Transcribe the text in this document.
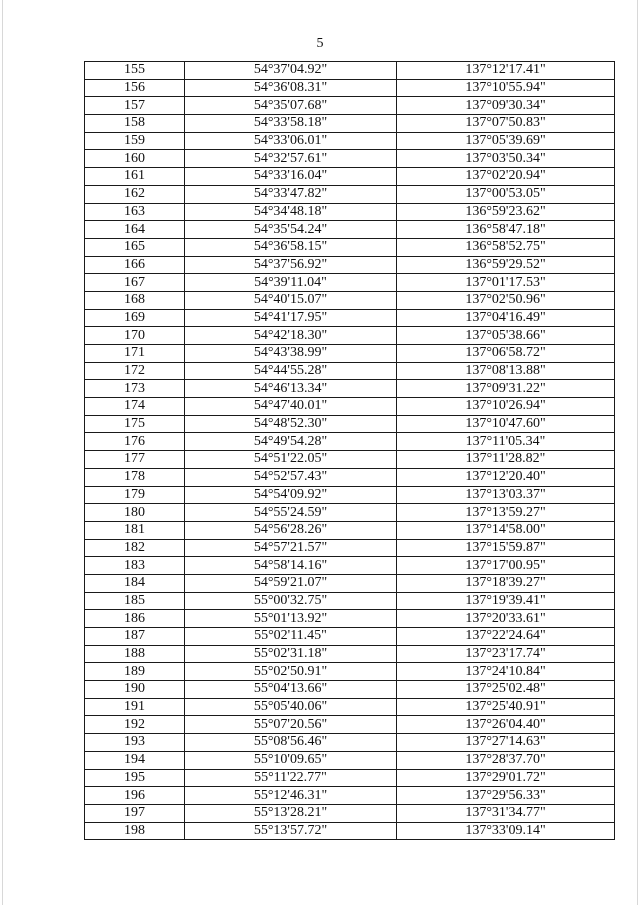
5
155	54°37'04.92"	137°12'17.41"
156	54°36'08.31"	137°10'55.94"
157	54°35'07.68"	137°09'30.34"
158	54°33'58.18"	137°07'50.83"
159	54°33'06.01"	137°05'39.69"
160	54°32'57.61"	137°03'50.34"
161	54°33'16.04"	137°02'20.94"
162	54°33'47.82"	137°00'53.05"
163	54°34'48.18"	136°59'23.62"
164	54°35'54.24"	136°58'47.18"
165	54°36'58.15"	136°58'52.75"
166	54°37'56.92"	136°59'29.52"
167	54°39'11.04"	137°01'17.53"
168	54°40'15.07"	137°02'50.96"
169	54°41'17.95"	137°04'16.49"
170	54°42'18.30"	137°05'38.66"
171	54°43'38.99"	137°06'58.72"
172	54°44'55.28"	137°08'13.88"
173	54°46'13.34"	137°09'31.22"
174	54°47'40.01"	137°10'26.94"
175	54°48'52.30"	137°10'47.60"
176	54°49'54.28"	137°11'05.34"
177	54°51'22.05"	137°11'28.82"
178	54°52'57.43"	137°12'20.40"
179	54°54'09.92"	137°13'03.37"
180	54°55'24.59"	137°13'59.27"
181	54°56'28.26"	137°14'58.00"
182	54°57'21.57"	137°15'59.87"
183	54°58'14.16"	137°17'00.95"
184	54°59'21.07"	137°18'39.27"
185	55°00'32.75"	137°19'39.41"
186	55°01'13.92"	137°20'33.61"
187	55°02'11.45"	137°22'24.64"
188	55°02'31.18"	137°23'17.74"
189	55°02'50.91"	137°24'10.84"
190	55°04'13.66"	137°25'02.48"
191	55°05'40.06"	137°25'40.91"
192	55°07'20.56"	137°26'04.40"
193	55°08'56.46"	137°27'14.63"
194	55°10'09.65"	137°28'37.70"
195	55°11'22.77"	137°29'01.72"
196	55°12'46.31"	137°29'56.33"
197	55°13'28.21"	137°31'34.77"
198	55°13'57.72"	137°33'09.14"
